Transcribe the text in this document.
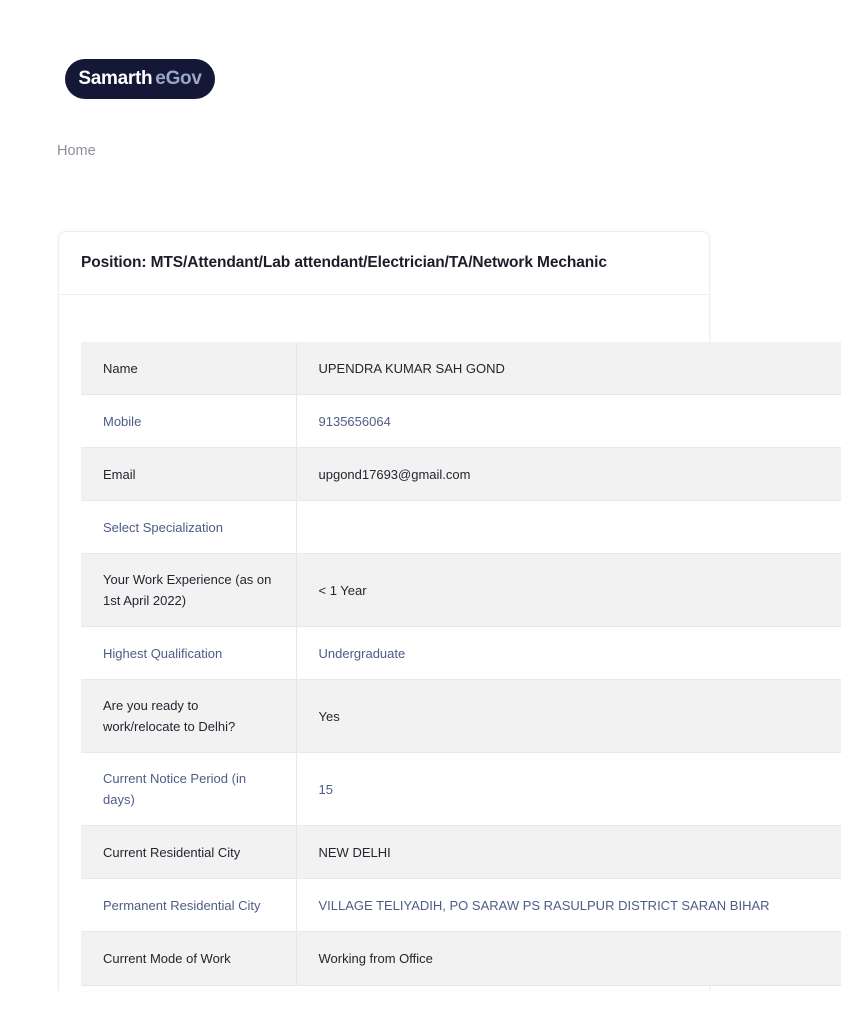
Samarth eGov
Home
Position: MTS/Attendant/Lab attendant/Electrician/TA/Network Mechanic
Name	UPENDRA KUMAR SAH GOND
Mobile	9135656064
Email	upgond17693@gmail.com
Select Specialization	
Your Work Experience (as on 1st April 2022)	< 1 Year
Highest Qualification	Undergraduate
Are you ready to work/relocate to Delhi?	Yes
Current Notice Period (in days)	15
Current Residential City	NEW DELHI
Permanent Residential City	VILLAGE TELIYADIH, PO SARAW PS RASULPUR DISTRICT SARAN BIHAR
Current Mode of Work	Working from Office
